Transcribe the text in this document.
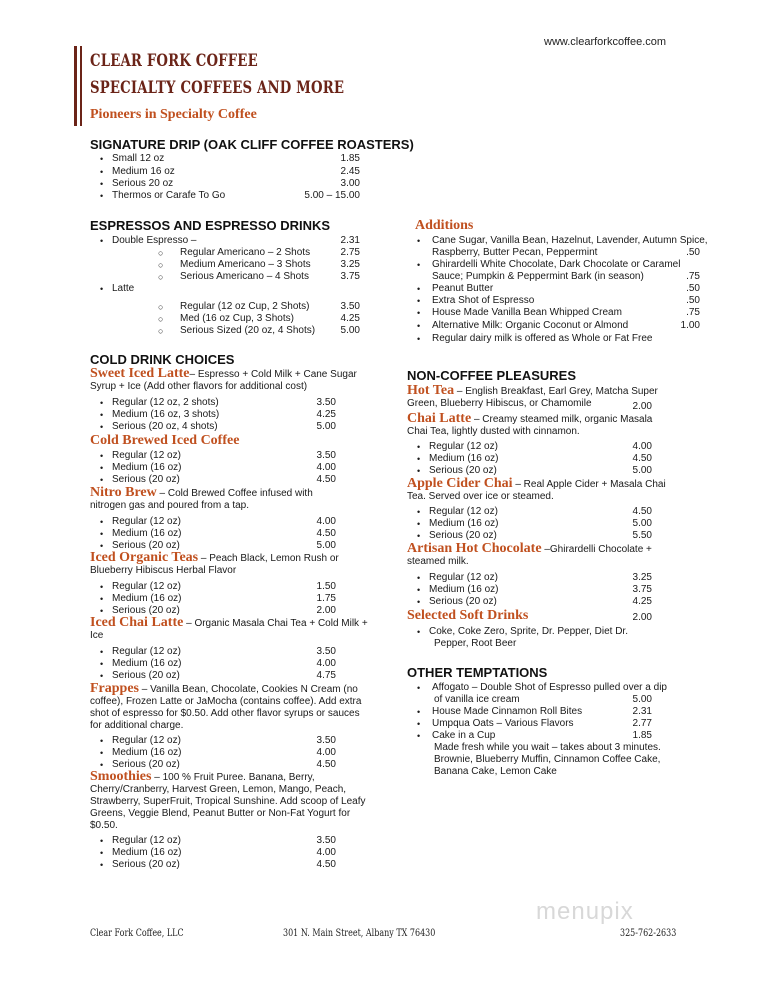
www.clearforkcoffee.com
CLEAR FORK COFFEE
SPECIALTY COFFEES AND MORE
Pioneers in Specialty Coffee
SIGNATURE DRIP (OAK CLIFF COFFEE ROASTERS)
• Small 12 oz	1.85
• Medium 16 oz	2.45
• Serious 20 oz	3.00
• Thermos or Carafe To Go	5.00 – 15.00
ESPRESSOS AND ESPRESSO DRINKS
• Double Espresso –	2.31
○ Regular Americano – 2 Shots	2.75
○ Medium Americano – 3 Shots	3.25
○ Serious Americano – 4 Shots	3.75
• Latte
○ Regular (12 oz Cup, 2 Shots)	3.50
○ Med (16 oz Cup, 3 Shots)	4.25
○ Serious Sized (20 oz, 4 Shots)	5.00
Additions
• Cane Sugar, Vanilla Bean, Hazelnut, Lavender, Autumn Spice,
Raspberry, Butter Pecan, Peppermint	.50
• Ghirardelli White Chocolate, Dark Chocolate or Caramel
Sauce; Pumpkin & Peppermint Bark (in season)	.75
• Peanut Butter	.50
• Extra Shot of Espresso	.50
• House Made Vanilla Bean Whipped Cream	.75
• Alternative Milk: Organic Coconut or Almond	1.00
• Regular dairy milk is offered as Whole or Fat Free
COLD DRINK CHOICES
Sweet Iced Latte– Espresso + Cold Milk + Cane Sugar Syrup + Ice (Add other flavors for additional cost)
• Regular (12 oz, 2 shots)	3.50
• Medium (16 oz, 3 shots)	4.25
• Serious (20 oz, 4 shots)	5.00
Cold Brewed Iced Coffee
• Regular (12 oz)	3.50
• Medium (16 oz)	4.00
• Serious (20 oz)	4.50
Nitro Brew – Cold Brewed Coffee infused with nitrogen gas and poured from a tap.
• Regular (12 oz)	4.00
• Medium (16 oz)	4.50
• Serious (20 oz)	5.00
Iced Organic Teas – Peach Black, Lemon Rush or Blueberry Hibiscus Herbal Flavor
• Regular (12 oz)	1.50
• Medium (16 oz)	1.75
• Serious (20 oz)	2.00
Iced Chai Latte – Organic Masala Chai Tea + Cold Milk + Ice
• Regular (12 oz)	3.50
• Medium (16 oz)	4.00
• Serious (20 oz)	4.75
Frappes – Vanilla Bean, Chocolate, Cookies N Cream (no coffee), Frozen Latte or JaMocha (contains coffee). Add extra shot of espresso for $0.50. Add other flavor syrups or sauces for additional charge.
• Regular (12 oz)	3.50
• Medium (16 oz)	4.00
• Serious (20 oz)	4.50
Smoothies – 100 % Fruit Puree. Banana, Berry, Cherry/Cranberry, Harvest Green, Lemon, Mango, Peach, Strawberry, SuperFruit, Tropical Sunshine. Add scoop of Leafy Greens, Veggie Blend, Peanut Butter or Non-Fat Yogurt for $0.50.
• Regular (12 oz)	3.50
• Medium (16 oz)	4.00
• Serious (20 oz)	4.50
NON-COFFEE PLEASURES
Hot Tea – English Breakfast, Earl Grey, Matcha Super Green, Blueberry Hibiscus, or Chamomile	2.00
Chai Latte – Creamy steamed milk, organic Masala Chai Tea, lightly dusted with cinnamon.
• Regular (12 oz)	4.00
• Medium (16 oz)	4.50
• Serious (20 oz)	5.00
Apple Cider Chai – Real Apple Cider + Masala Chai Tea. Served over ice or steamed.
• Regular (12 oz)	4.50
• Medium (16 oz)	5.00
• Serious (20 oz)	5.50
Artisan Hot Chocolate –Ghirardelli Chocolate + steamed milk.
• Regular (12 oz)	3.25
• Medium (16 oz)	3.75
• Serious (20 oz)	4.25
Selected Soft Drinks	2.00
• Coke, Coke Zero, Sprite, Dr. Pepper, Diet Dr.
Pepper, Root Beer
OTHER TEMPTATIONS
• Affogato – Double Shot of Espresso pulled over a dip
of vanilla ice cream	5.00
• House Made Cinnamon Roll Bites	2.31
• Umpqua Oats – Various Flavors	2.77
• Cake in a Cup	1.85
Made fresh while you wait – takes about 3 minutes.
Brownie, Blueberry Muffin, Cinnamon Coffee Cake,
Banana Cake, Lemon Cake
menupix
Clear Fork Coffee, LLC	301 N. Main Street, Albany TX 76430	325-762-2633
